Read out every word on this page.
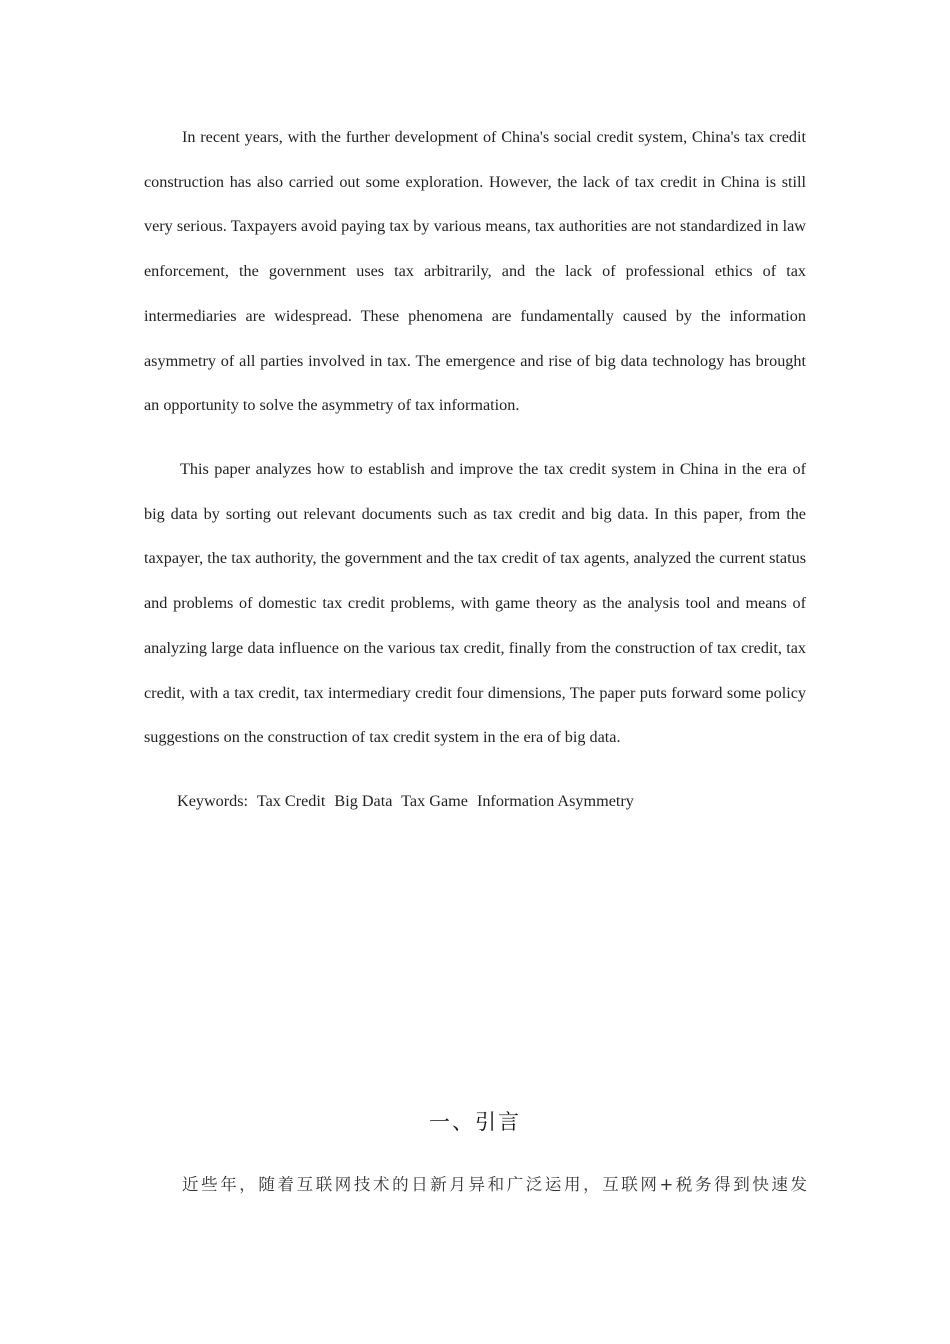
In recent years, with the further development of China's social credit system, China's tax credit construction has also carried out some exploration. However, the lack of tax credit in China is still very serious. Taxpayers avoid paying tax by various means, tax authorities are not standardized in law enforcement, the government uses tax arbitrarily, and the lack of professional ethics of tax intermediaries are widespread. These phenomena are fundamentally caused by the information asymmetry of all parties involved in tax. The emergence and rise of big data technology has brought an opportunity to solve the asymmetry of tax information.

This paper analyzes how to establish and improve the tax credit system in China in the era of big data by sorting out relevant documents such as tax credit and big data. In this paper, from the taxpayer, the tax authority, the government and the tax credit of tax agents, analyzed the current status and problems of domestic tax credit problems, with game theory as the analysis tool and means of analyzing large data influence on the various tax credit, finally from the construction of tax credit, tax credit, with a tax credit, tax intermediary credit four dimensions, The paper puts forward some policy suggestions on the construction of tax credit system in the era of big data.

Keywords: Tax Credit Big Data Tax Game Information Asymmetry
一、引言
近些年，随着互联网技术的日新月异和广泛运用，互联网+税务得到快速发
